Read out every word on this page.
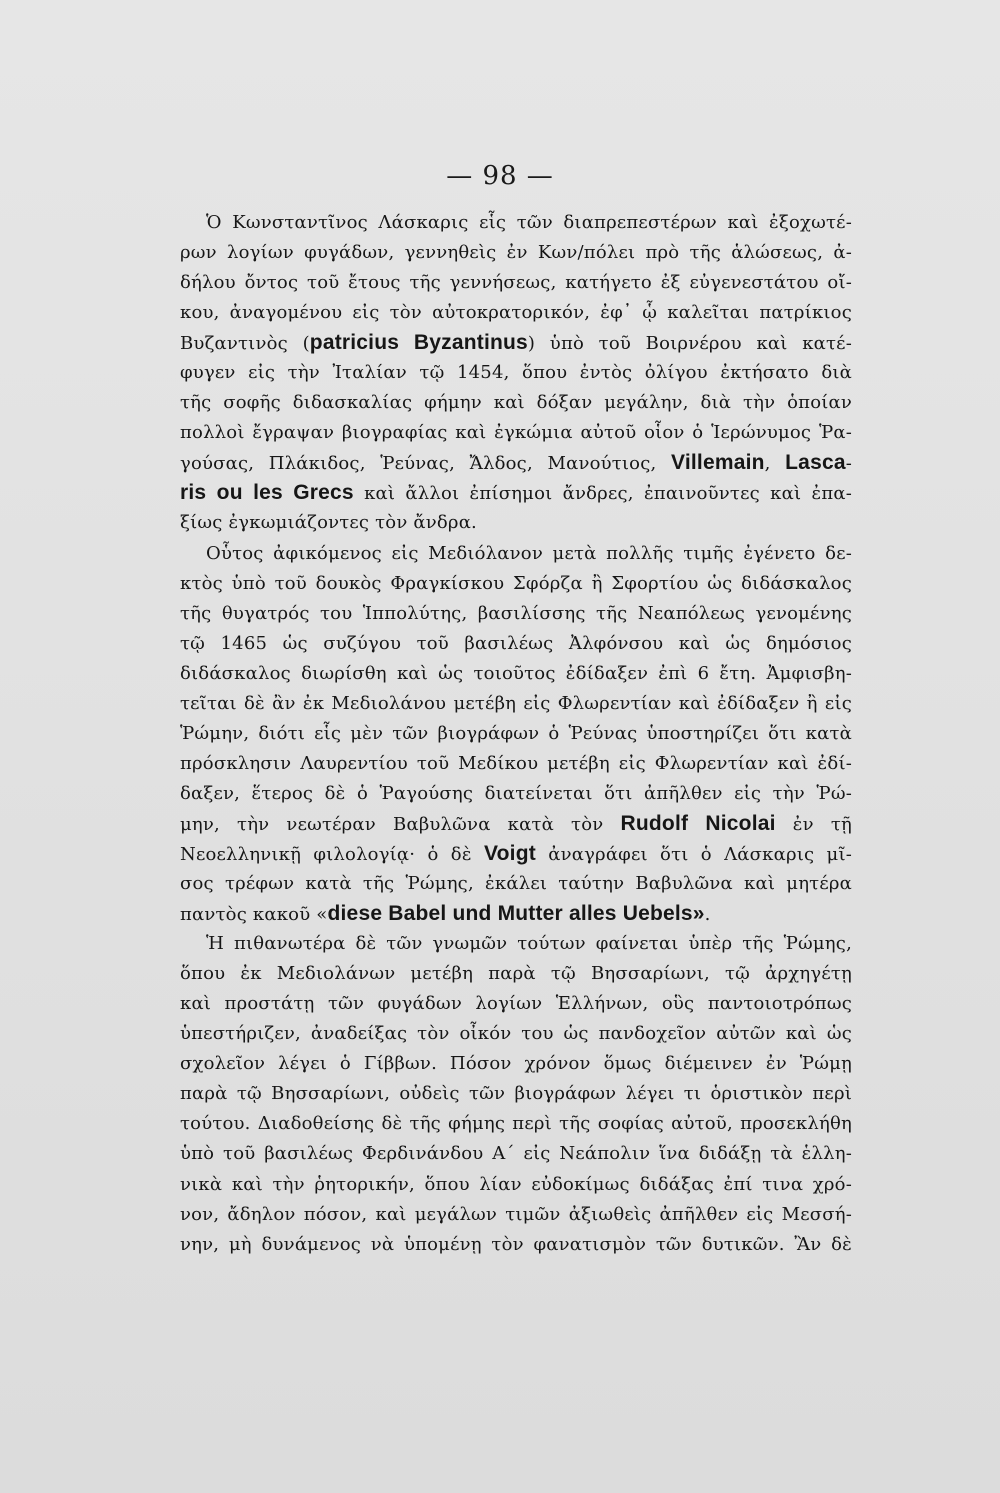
— 98 —
Ὁ Κωνσταντῖνος Λάσκαρις εἷς τῶν διαπρεπεστέρων καὶ ἐξοχωτέ-
ρων λογίων φυγάδων, γεννηθεὶς ἐν Κων/πόλει πρὸ τῆς ἁλώσεως, ἀ-
δήλου ὄντος τοῦ ἔτους τῆς γεννήσεως, κατήγετο ἐξ εὐγενεστάτου οἴ-
κου, ἀναγομένου εἰς τὸν αὐτοκρατορικόν, ἐφ᾽ ᾧ καλεῖται πατρίκιος
Βυζαντινὸς (patricius Byzantinus) ὑπὸ τοῦ Βοιρνέρου καὶ κατέ-
φυγεν εἰς τὴν Ἰταλίαν τῷ 1454, ὅπου ἐντὸς ὀλίγου ἐκτήσατο διὰ
τῆς σοφῆς διδασκαλίας φήμην καὶ δόξαν μεγάλην, διὰ τὴν ὁποίαν
πολλοὶ ἔγραψαν βιογραφίας καὶ ἐγκώμια αὐτοῦ οἷον ὁ Ἱερώνυμος Ῥα-
γούσας, Πλάκιδος, Ῥεύνας, Ἄλδος, Μανούτιος, Villemain, Lasca-
ris ou les Grecs καὶ ἄλλοι ἐπίσημοι ἄνδρες, ἐπαινοῦντες καὶ ἐπα-
ξίως ἐγκωμιάζοντες τὸν ἄνδρα.
Οὗτος ἀφικόμενος εἰς Μεδιόλανον μετὰ πολλῆς τιμῆς ἐγένετο δε-
κτὸς ὑπὸ τοῦ δουκὸς Φραγκίσκου Σφόρζα ἢ Σφορτίου ὡς διδάσκαλος
τῆς θυγατρός του Ἱππολύτης, βασιλίσσης τῆς Νεαπόλεως γενομένης
τῷ 1465 ὡς συζύγου τοῦ βασιλέως Ἀλφόνσου καὶ ὡς δημόσιος
διδάσκαλος διωρίσθη καὶ ὡς τοιοῦτος ἐδίδαξεν ἐπὶ 6 ἔτη. Ἀμφισβη-
τεῖται δὲ ἂν ἐκ Μεδιολάνου μετέβη εἰς Φλωρεντίαν καὶ ἐδίδαξεν ἢ εἰς
Ῥώμην, διότι εἷς μὲν τῶν βιογράφων ὁ Ῥεύνας ὑποστηρίζει ὅτι κατὰ
πρόσκλησιν Λαυρεντίου τοῦ Μεδίκου μετέβη εἰς Φλωρεντίαν καὶ ἐδί-
δαξεν, ἕτερος δὲ ὁ Ῥαγούσης διατείνεται ὅτι ἀπῆλθεν εἰς τὴν Ῥώ-
μην, τὴν νεωτέραν Βαβυλῶνα κατὰ τὸν Rudolf Nicolai ἐν τῇ
Νεοελληνικῇ φιλολογίᾳ· ὁ δὲ Voigt ἀναγράφει ὅτι ὁ Λάσκαρις μῖ-
σος τρέφων κατὰ τῆς Ῥώμης, ἐκάλει ταύτην Βαβυλῶνα καὶ μητέρα
παντὸς κακοῦ «diese Babel und Mutter alles Uebels».
Ἡ πιθανωτέρα δὲ τῶν γνωμῶν τούτων φαίνεται ὑπὲρ τῆς Ῥώμης,
ὅπου ἐκ Μεδιολάνων μετέβη παρὰ τῷ Βησσαρίωνι, τῷ ἀρχηγέτῃ
καὶ προστάτῃ τῶν φυγάδων λογίων Ἑλλήνων, οὓς παντοιοτρόπως
ὑπεστήριζεν, ἀναδείξας τὸν οἶκόν του ὡς πανδοχεῖον αὐτῶν καὶ ὡς
σχολεῖον λέγει ὁ Γίββων. Πόσον χρόνον ὅμως διέμεινεν ἐν Ῥώμῃ
παρὰ τῷ Βησσαρίωνι, οὐδεὶς τῶν βιογράφων λέγει τι ὁριστικὸν περὶ
τούτου. Διαδοθείσης δὲ τῆς φήμης περὶ τῆς σοφίας αὐτοῦ, προσεκλήθη
ὑπὸ τοῦ βασιλέως Φερδινάνδου Α´ εἰς Νεάπολιν ἵνα διδάξῃ τὰ ἑλλη-
νικὰ καὶ τὴν ῥητορικήν, ὅπου λίαν εὐδοκίμως διδάξας ἐπί τινα χρό-
νον, ἄδηλον πόσον, καὶ μεγάλων τιμῶν ἀξιωθεὶς ἀπῆλθεν εἰς Μεσσή-
νην, μὴ δυνάμενος νὰ ὑπομένῃ τὸν φανατισμὸν τῶν δυτικῶν. Ἂν δὲ
